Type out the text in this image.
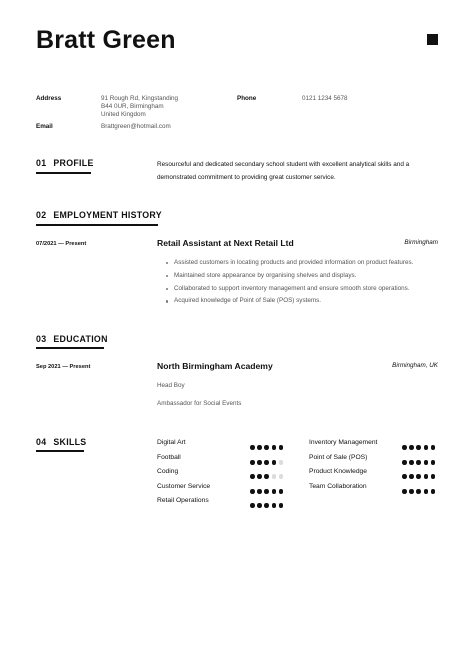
Bratt Green
Address	91 Rough Rd, Kingstanding
B44 0UR, Birmingham
United Kingdom
Phone	0121 1234 5678
Email	Brattgreen@hotmail.com
01 PROFILE	Resourceful and dedicated secondary school student with excellent analytical skills and a demonstrated commitment to providing great customer service.
02 EMPLOYMENT HISTORY
07/2021 — Present	Retail Assistant at Next Retail Ltd	Birmingham
Assisted customers in locating products and provided information on product features.
Maintained store appearance by organising shelves and displays.
Collaborated to support inventory management and ensure smooth store operations.
Acquired knowledge of Point of Sale (POS) systems.
03 EDUCATION
Sep 2021 — Present	North Birmingham Academy	Birmingham, UK
Head Boy
Ambassador for Social Events
04 SKILLS	Digital Art
Football
Coding
Customer Service
Retail Operations
Inventory Management
Point of Sale (POS)
Product Knowledge
Team Collaboration
